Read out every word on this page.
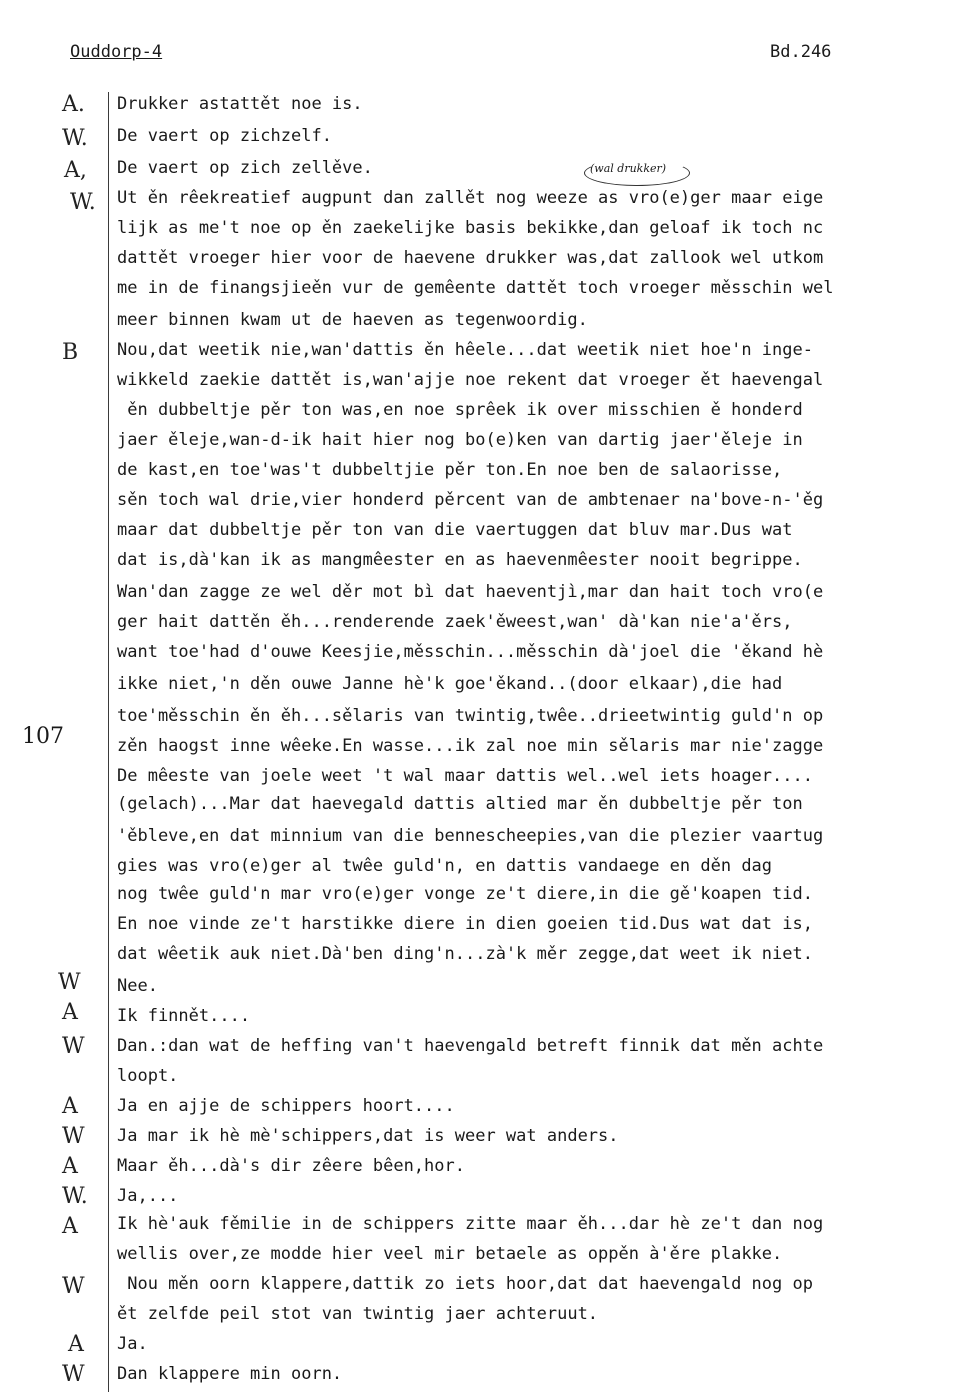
Ouddorp-4	Bd.246
(wal drukker)
107
A.
W.
A,
W.
B
W
A
W
A
W
A
W.
A
W
A
W
Drukker astattět noe is.
De vaert op zichzelf.
De vaert op zich zellěve.
Ut ěn rêekreatief augpunt dan zallět nog weeze as vro(e)ger maar eige
lijk as me't noe op ěn zaekelijke basis bekikke,dan geloaf ik toch nc
dattět vroeger hier voor de haevene drukker was,dat zallook wel utkom
me in de finangsjieěn vur de gemêente dattět toch vroeger měsschin wel
meer binnen kwam ut de haeven as tegenwoordig.
Nou,dat weetik nie,wan'dattis ěn hêele...dat weetik niet hoe'n inge-
wikkeld zaekie dattět is,wan'ajje noe rekent dat vroeger ět haevengal
ěn dubbeltje pěr ton was,en noe sprêek ik over misschien ě honderd
jaer ěleje,wan-d-ik hait hier nog bo(e)ken van dartig jaer'ěleje in
de kast,en toe'was't dubbeltjie pěr ton.En noe ben de salaorisse,
sěn toch wal drie,vier honderd pěrcent van de ambtenaer na'bove-n-'ěg
maar dat dubbeltje pěr ton van die vaertuggen dat bluv mar.Dus wat
dat is,dà'kan ik as mangmêester en as haevenmêester nooit begrippe.
Wan'dan zagge ze wel děr mot bì dat haeventjì,mar dan hait toch vro(e
ger hait dattěn ěh...renderende zaek'ěweest,wan' dà'kan nie'a'ěrs,
want toe'had d'ouwe Keesjie,měsschin...měsschin dà'joel die 'ěkand hè
ikke niet,'n děn ouwe Janne hè'k goe'ěkand..(door elkaar),die had
toe'měsschin ěn ěh...sělaris van twintig,twêe..drieetwintig guld'n op
zěn haogst inne wêeke.En wasse...ik zal noe min sělaris mar nie'zagge
De mêeste van joele weet 't wal maar dattis wel..wel iets hoager....
(gelach)...Mar dat haevegald dattis altied mar ěn dubbeltje pěr ton
'ěbleve,en dat minnium van die bennescheepies,van die plezier vaartug
gies was vro(e)ger al twêe guld'n, en dattis vandaege en děn dag
nog twêe guld'n mar vro(e)ger vonge ze't diere,in die gě'koapen tid.
En noe vinde ze't harstikke diere in dien goeien tid.Dus wat dat is,
dat wêetik auk niet.Dà'ben ding'n...zà'k měr zegge,dat weet ik niet.
Nee.
Ik finnět....
Dan.:dan wat de heffing van't haevengald betreft finnik dat měn achte
loopt.
Ja en ajje de schippers hoort....
Ja mar ik hè mè'schippers,dat is weer wat anders.
Maar ěh...dà's dir zêere bêen,hor.
Ja,...
Ik hè'auk fěmilie in de schippers zitte maar ěh...dar hè ze't dan nog
wellis over,ze modde hier veel mir betaele as oppěn à'ěre plakke.
Nou měn oorn klappere,dattik zo iets hoor,dat dat haevengald nog op
ět zelfde peil stot van twintig jaer achteruut.
Ja.
Dan klappere min oorn.
